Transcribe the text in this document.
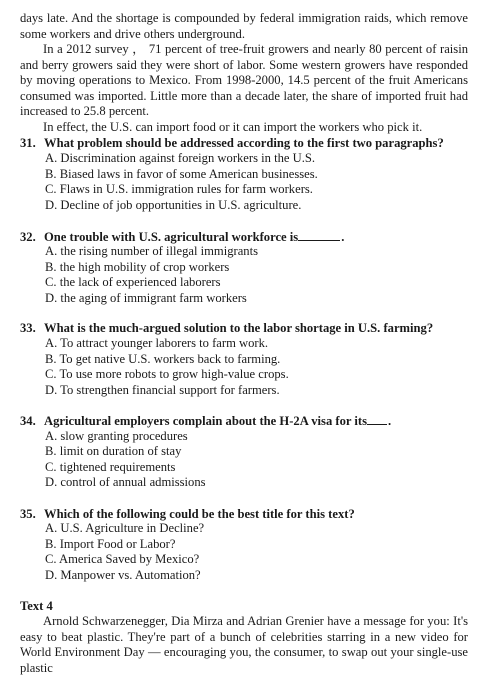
days late. And the shortage is compounded by federal immigration raids, which remove some workers and drive others underground.

In a 2012 survey ， 71 percent of tree-fruit growers and nearly 80 percent of raisin and berry growers said they were short of labor. Some western growers have responded by moving operations to Mexico. From 1998-2000, 14.5 percent of the fruit Americans consumed was imported. Little more than a decade later, the share of imported fruit had increased to 25.8 percent.

In effect, the U.S. can import food or it can import the workers who pick it.

31. What problem should be addressed according to the first two paragraphs?

A. Discrimination against foreign workers in the U.S.

B. Biased laws in favor of some American businesses.

C. Flaws in U.S. immigration rules for farm workers.

D. Decline of job opportunities in U.S. agriculture.

32. One trouble with U.S. agricultural workforce is	.

A. the rising number of illegal immigrants

B. the high mobility of crop workers

C. the lack of experienced laborers

D. the aging of immigrant farm workers

33. What is the much-argued solution to the labor shortage in U.S. farming?

A. To attract younger laborers to farm work.

B. To get native U.S. workers back to farming.

C. To use more robots to grow high-value crops.

D. To strengthen financial support for farmers.

34. Agricultural employers complain about the H-2A visa for its .

A. slow granting procedures

B. limit on duration of stay

C. tightened requirements

D. control of annual admissions

35. Which of the following could be the best title for this text?

A. U.S. Agriculture in Decline?

B. Import Food or Labor?

C. America Saved by Mexico?

D. Manpower vs. Automation?

Text 4

Arnold Schwarzenegger, Dia Mirza and Adrian Grenier have a message for you: It's easy to beat plastic. They're part of a bunch of celebrities starring in a new video for World Environment Day — encouraging you, the consumer, to swap out your single-use plastic
